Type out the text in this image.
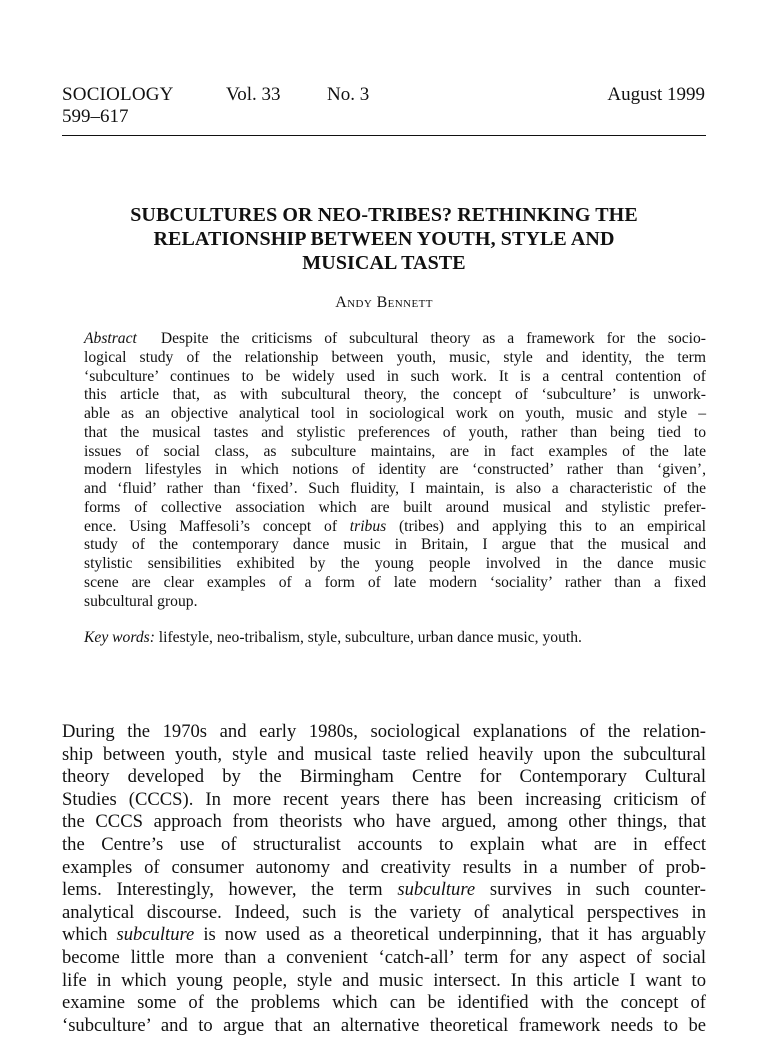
SOCIOLOGY	Vol. 33 No. 3	August 1999
599–617
SUBCULTURES OR NEO-TRIBES? RETHINKING THE
RELATIONSHIP BETWEEN YOUTH, STYLE AND
MUSICAL TASTE
Andy Bennett
Abstract Despite the criticisms of subcultural theory as a framework for the socio-
logical study of the relationship between youth, music, style and identity, the term
‘subculture’ continues to be widely used in such work. It is a central contention of
this article that, as with subcultural theory, the concept of ‘subculture’ is unwork-
able as an objective analytical tool in sociological work on youth, music and style –
that the musical tastes and stylistic preferences of youth, rather than being tied to
issues of social class, as subculture maintains, are in fact examples of the late
modern lifestyles in which notions of identity are ‘constructed’ rather than ‘given’,
and ‘fluid’ rather than ‘fixed’. Such fluidity, I maintain, is also a characteristic of the
forms of collective association which are built around musical and stylistic prefer-
ence. Using Maffesoli’s concept of tribus (tribes) and applying this to an empirical
study of the contemporary dance music in Britain, I argue that the musical and
stylistic sensibilities exhibited by the young people involved in the dance music
scene are clear examples of a form of late modern ‘sociality’ rather than a fixed
subcultural group.
Key words: lifestyle, neo-tribalism, style, subculture, urban dance music, youth.
During the 1970s and early 1980s, sociological explanations of the relation-
ship between youth, style and musical taste relied heavily upon the subcultural
theory developed by the Birmingham Centre for Contemporary Cultural
Studies (CCCS). In more recent years there has been increasing criticism of
the CCCS approach from theorists who have argued, among other things, that
the Centre’s use of structuralist accounts to explain what are in effect
examples of consumer autonomy and creativity results in a number of prob-
lems. Interestingly, however, the term subculture survives in such counter-
analytical discourse. Indeed, such is the variety of analytical perspectives in
which subculture is now used as a theoretical underpinning, that it has arguably
become little more than a convenient ‘catch-all’ term for any aspect of social
life in which young people, style and music intersect. In this article I want to
examine some of the problems which can be identified with the concept of
‘subculture’ and to argue that an alternative theoretical framework needs to be
